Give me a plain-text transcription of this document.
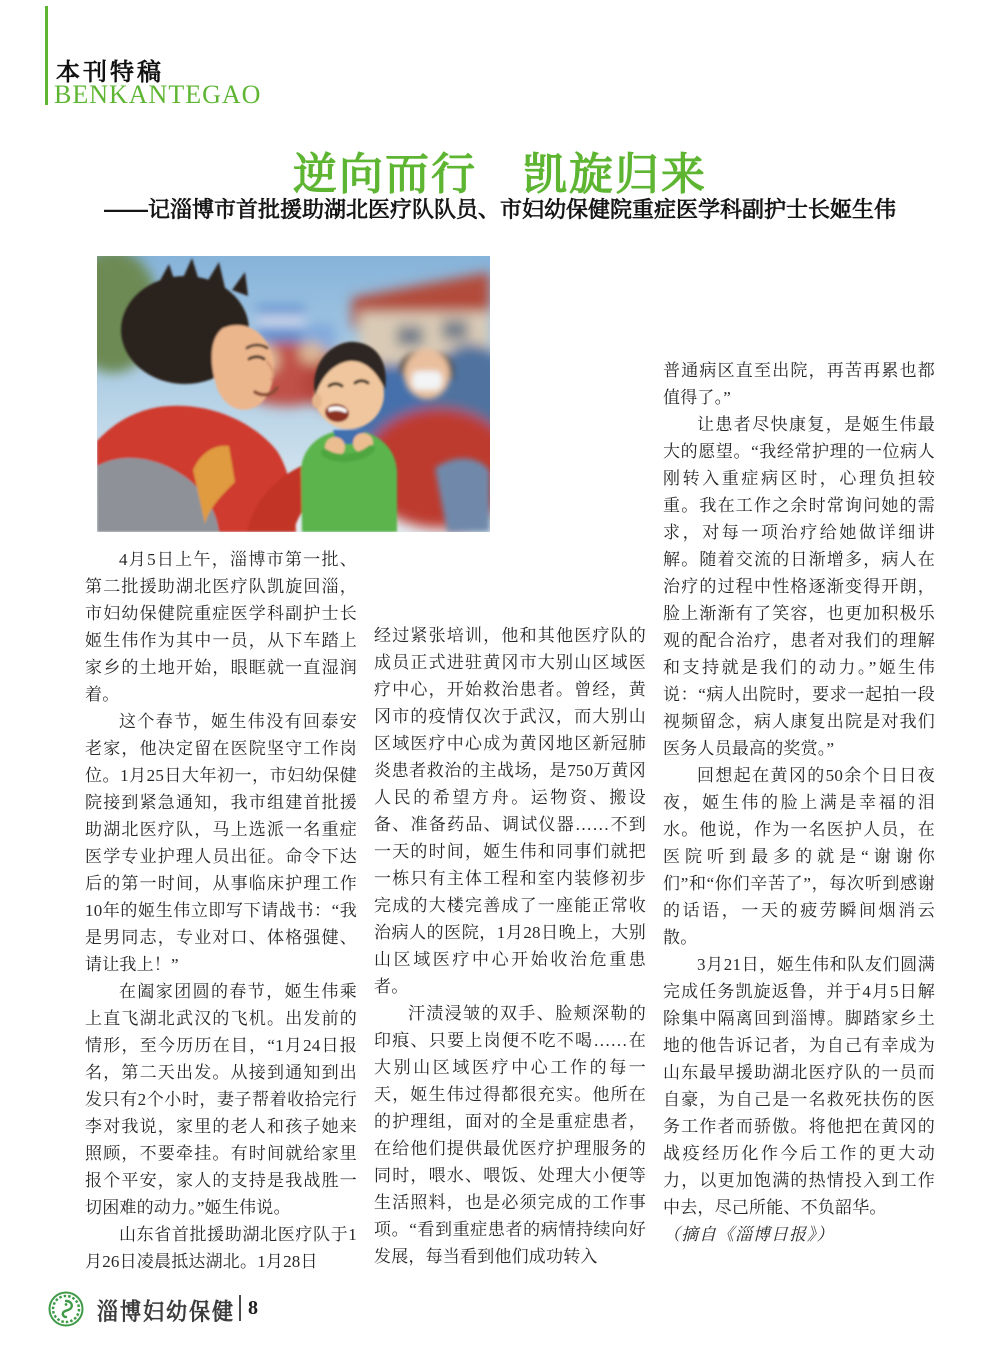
本刊特稿
BENKANTEGAO
逆向而行　凯旋归来
——记淄博市首批援助湖北医疗队队员、市妇幼保健院重症医学科副护士长姬生伟

4月5日上午，淄博市第一批、第二批援助湖北医疗队凯旋回淄，市妇幼保健院重症医学科副护士长姬生伟作为其中一员，从下车踏上家乡的土地开始，眼眶就一直湿润着。

这个春节，姬生伟没有回泰安老家，他决定留在医院坚守工作岗位。1月25日大年初一，市妇幼保健院接到紧急通知，我市组建首批援助湖北医疗队，马上选派一名重症医学专业护理人员出征。命令下达后的第一时间，从事临床护理工作10年的姬生伟立即写下请战书：“我是男同志，专业对口、体格强健、请让我上！”

在阖家团圆的春节，姬生伟乘上直飞湖北武汉的飞机。出发前的情形，至今历历在目，“1月24日报名，第二天出发。从接到通知到出发只有2个小时，妻子帮着收拾完行李对我说，家里的老人和孩子她来照顾，不要牵挂。有时间就给家里报个平安，家人的支持是我战胜一切困难的动力。”姬生伟说。

山东省首批援助湖北医疗队于1月26日凌晨抵达湖北。1月28日

经过紧张培训，他和其他医疗队的成员正式进驻黄冈市大别山区域医疗中心，开始救治患者。曾经，黄冈市的疫情仅次于武汉，而大别山区域医疗中心成为黄冈地区新冠肺炎患者救治的主战场，是750万黄冈人民的希望方舟。运物资、搬设备、准备药品、调试仪器……不到一天的时间，姬生伟和同事们就把一栋只有主体工程和室内装修初步完成的大楼完善成了一座能正常收治病人的医院，1月28日晚上，大别山区域医疗中心开始收治危重患者。

汗渍浸皱的双手、脸颊深勒的印痕、只要上岗便不吃不喝……在大别山区域医疗中心工作的每一天，姬生伟过得都很充实。他所在的护理组，面对的全是重症患者，在给他们提供最优医疗护理服务的同时，喂水、喂饭、处理大小便等生活照料，也是必须完成的工作事项。“看到重症患者的病情持续向好发展，每当看到他们成功转入

普通病区直至出院，再苦再累也都值得了。”

让患者尽快康复，是姬生伟最大的愿望。“我经常护理的一位病人刚转入重症病区时，心理负担较重。我在工作之余时常询问她的需求，对每一项治疗给她做详细讲解。随着交流的日渐增多，病人在治疗的过程中性格逐渐变得开朗，脸上渐渐有了笑容，也更加积极乐观的配合治疗，患者对我们的理解和支持就是我们的动力。”姬生伟说：“病人出院时，要求一起拍一段视频留念，病人康复出院是对我们医务人员最高的奖赏。”

回想起在黄冈的50余个日日夜夜，姬生伟的脸上满是幸福的泪水。他说，作为一名医护人员，在医院听到最多的就是“谢谢你们”和“你们辛苦了”，每次听到感谢的话语，一天的疲劳瞬间烟消云散。

3月21日，姬生伟和队友们圆满完成任务凯旋返鲁，并于4月5日解除集中隔离回到淄博。脚踏家乡土地的他告诉记者，为自己有幸成为山东最早援助湖北医疗队的一员而自豪，为自己是一名救死扶伤的医务工作者而骄傲。将他把在黄冈的战疫经历化作今后工作的更大动力，以更加饱满的热情投入到工作中去，尽己所能、不负韶华。

（摘自《淄博日报》）

淄博妇幼保健 8
